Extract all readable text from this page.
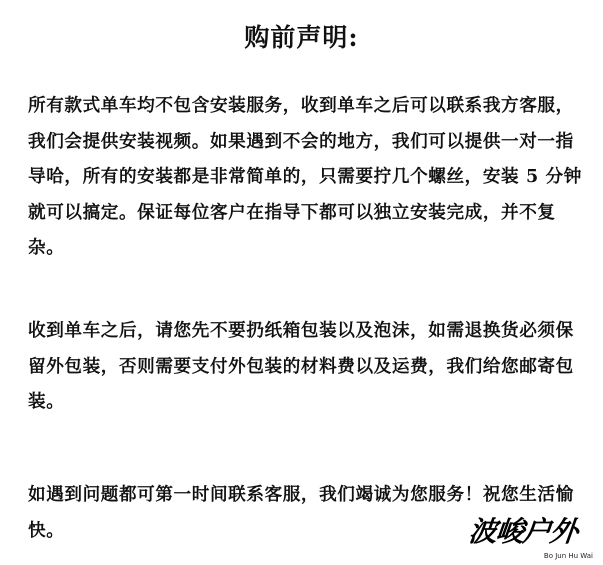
购前声明:

所有款式单车均不包含安装服务，收到单车之后可以联系我方客服，我们会提供安装视频。如果遇到不会的地方，我们可以提供一对一指导哈，所有的安装都是非常简单的，只需要拧几个螺丝，安装 5 分钟就可以搞定。保证每位客户在指导下都可以独立安装完成，并不复杂。

收到单车之后，请您先不要扔纸箱包装以及泡沫，如需退换货必须保留外包装，否则需要支付外包装的材料费以及运费，我们给您邮寄包装。

如遇到问题都可第一时间联系客服，我们竭诚为您服务！祝您生活愉快。	波峻户外
Bo Jun Hu Wai
